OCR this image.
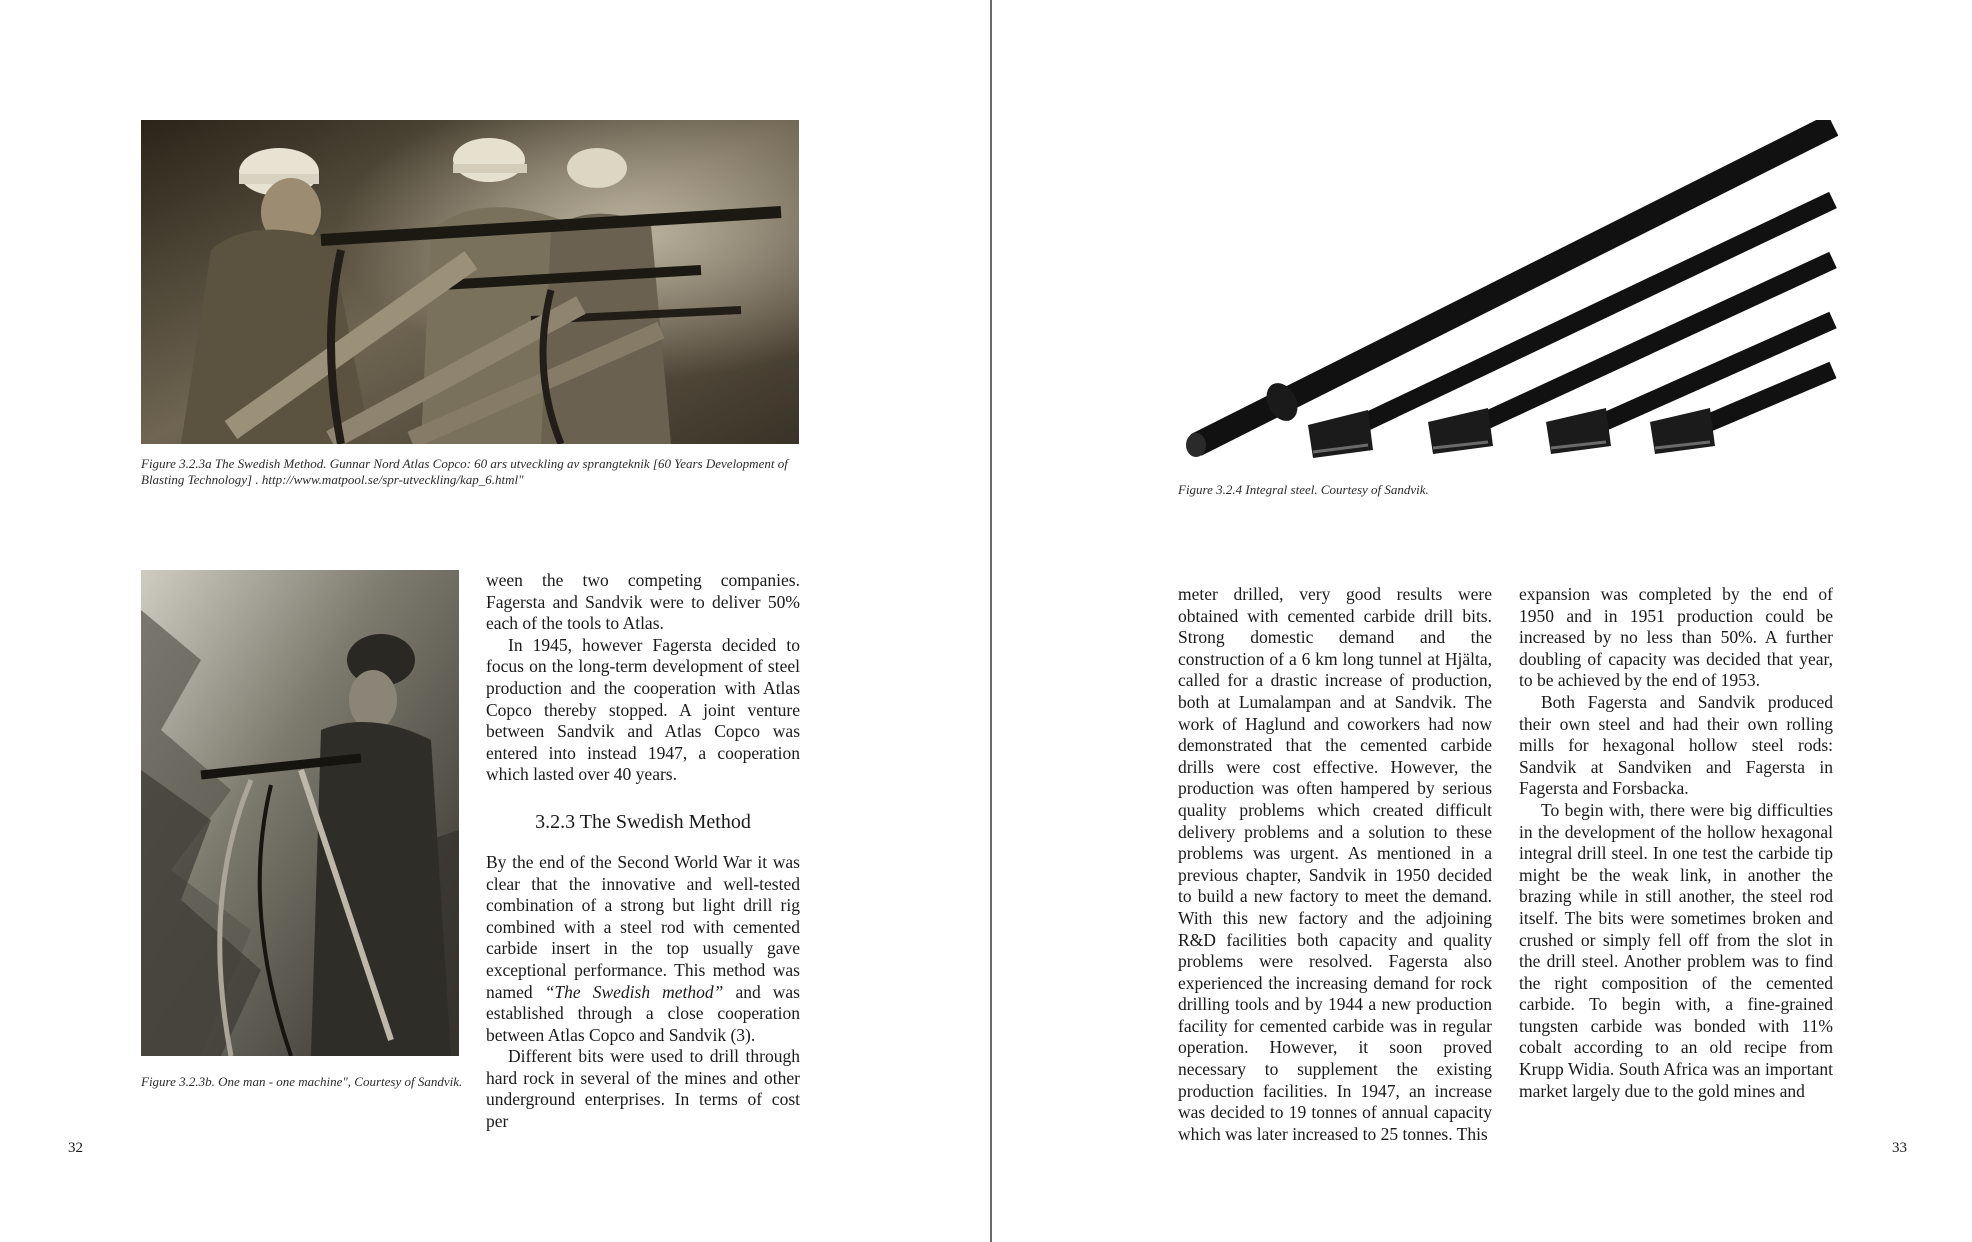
Figure 3.2.3a The Swedish Method. Gunnar Nord Atlas Copco: 60 ars utveckling av sprangteknik [60 Years Development of Blasting Technology] . http://www.matpool.se/spr-utveckling/kap_6.html"

Figure 3.2.3b. One man - one machine", Courtesy of Sandvik.

ween the two competing companies. Fagersta and Sandvik were to deliver 50% each of the tools to Atlas.

In 1945, however Fagersta decided to focus on the long-term development of steel production and the cooperation with Atlas Copco thereby stopped. A joint venture between Sandvik and Atlas Copco was entered into instead 1947, a cooperation which lasted over 40 years.

3.2.3 The Swedish Method

By the end of the Second World War it was clear that the innovative and well-tested combination of a strong but light drill rig combined with a steel rod with cemented carbide insert in the top usually gave exceptional performance. This method was named “The Swedish method” and was established through a close cooperation between Atlas Copco and Sandvik (3).

Different bits were used to drill through hard rock in several of the mines and other underground enterprises. In terms of cost per

32

Figure 3.2.4 Integral steel. Courtesy of Sandvik.

meter drilled, very good results were obtained with cemented carbide drill bits. Strong domestic demand and the construction of a 6 km long tunnel at Hjälta, called for a drastic increase of production, both at Lumalampan and at Sandvik. The work of Haglund and coworkers had now demonstrated that the cemented carbide drills were cost effective. However, the production was often hampered by serious quality problems which created difficult delivery problems and a solution to these problems was urgent. As mentioned in a previous chapter, Sandvik in 1950 decided to build a new factory to meet the demand. With this new factory and the adjoining R&D facilities both capacity and quality problems were resolved. Fagersta also experienced the increasing demand for rock drilling tools and by 1944 a new production facility for cemented carbide was in regular operation. However, it soon proved necessary to supplement the existing production facilities. In 1947, an increase was decided to 19 tonnes of annual capacity which was later increased to 25 tonnes. This

expansion was completed by the end of 1950 and in 1951 production could be increased by no less than 50%. A further doubling of capacity was decided that year, to be achieved by the end of 1953.

Both Fagersta and Sandvik produced their own steel and had their own rolling mills for hexagonal hollow steel rods: Sandvik at Sandviken and Fagersta in Fagersta and Forsbacka.

To begin with, there were big difficulties in the development of the hollow hexagonal integral drill steel. In one test the carbide tip might be the weak link, in another the brazing while in still another, the steel rod itself. The bits were sometimes broken and crushed or simply fell off from the slot in the drill steel. Another problem was to find the right composition of the cemented carbide. To begin with, a fine-grained tungsten carbide was bonded with 11% cobalt according to an old recipe from Krupp Widia. South Africa was an important market largely due to the gold mines and

33
